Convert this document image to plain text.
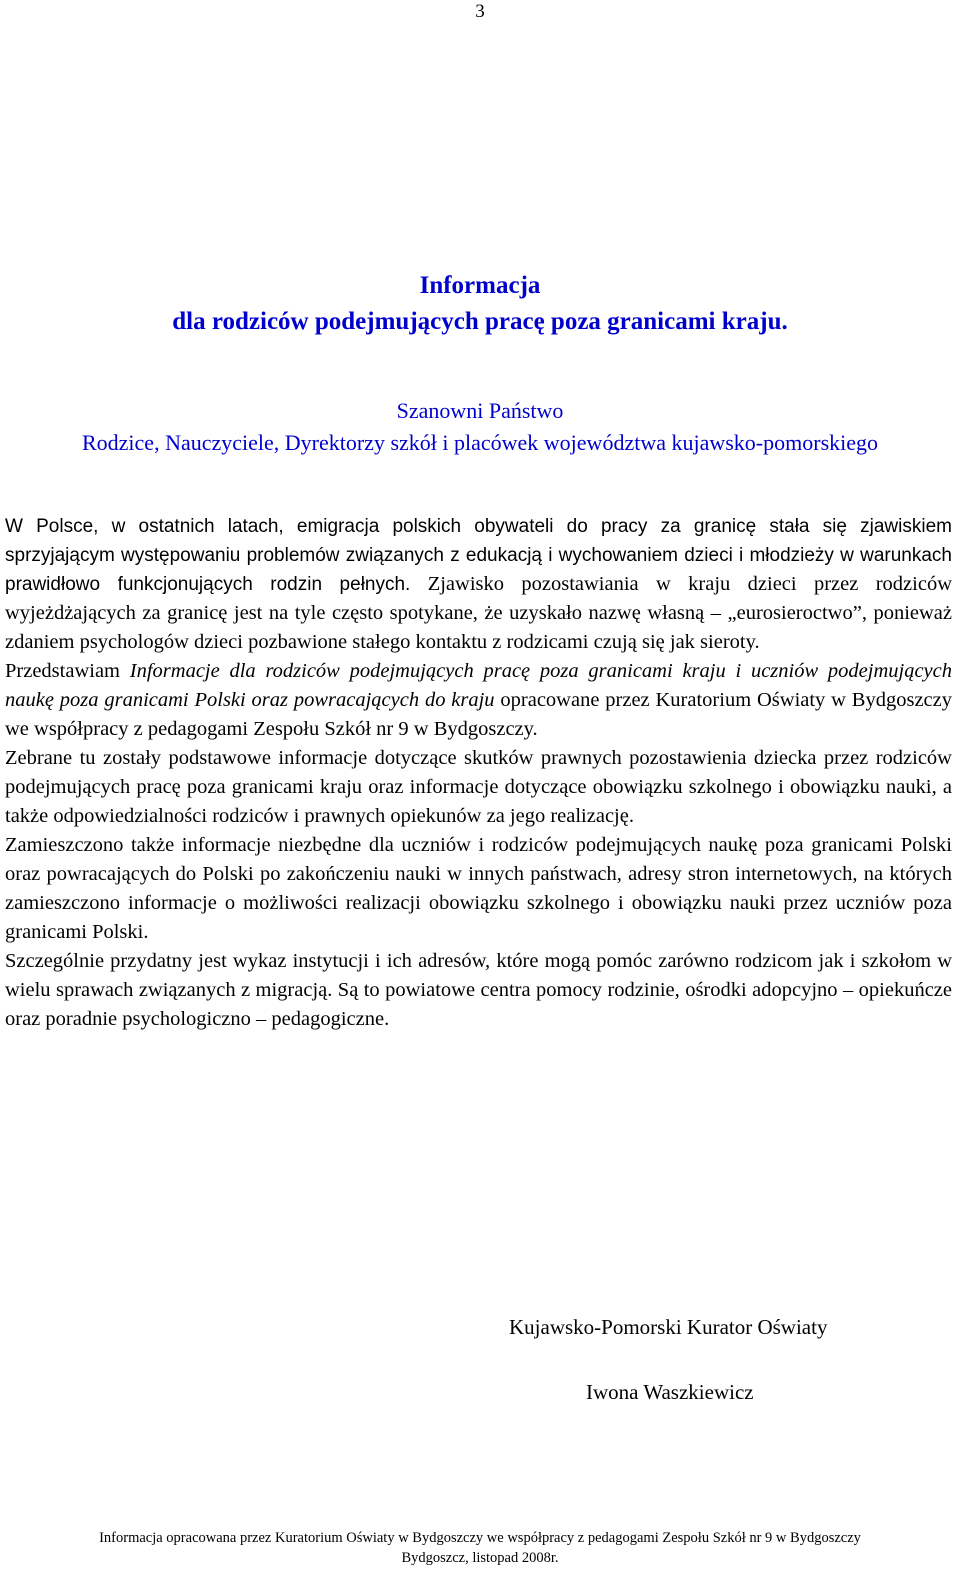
3
Informacja
dla rodziców podejmujących pracę poza granicami kraju.

Szanowni Państwo

Rodzice, Nauczyciele, Dyrektorzy szkół i placówek województwa kujawsko-pomorskiego

W Polsce, w ostatnich latach, emigracja polskich obywateli do pracy za granicę stała się zjawiskiem sprzyjającym występowaniu problemów związanych z edukacją i wychowaniem dzieci i młodzieży w warunkach prawidłowo funkcjonujących rodzin pełnych. Zjawisko pozostawiania w kraju dzieci przez rodziców wyjeżdżających za granicę jest na tyle często spotykane, że uzyskało nazwę własną – „eurosieroctwo”, ponieważ zdaniem psychologów dzieci pozbawione stałego kontaktu z rodzicami czują się jak sieroty.

Przedstawiam Informacje dla rodziców podejmujących pracę poza granicami kraju i uczniów podejmujących naukę poza granicami Polski oraz powracających do kraju opracowane przez Kuratorium Oświaty w Bydgoszczy we współpracy z pedagogami Zespołu Szkół nr 9 w Bydgoszczy.

Zebrane tu zostały podstawowe informacje dotyczące skutków prawnych pozostawienia dziecka przez rodziców podejmujących pracę poza granicami kraju oraz informacje dotyczące obowiązku szkolnego i obowiązku nauki, a także odpowiedzialności rodziców i prawnych opiekunów za jego realizację.

Zamieszczono także informacje niezbędne dla uczniów i rodziców podejmujących naukę poza granicami Polski oraz powracających do Polski po zakończeniu nauki w innych państwach, adresy stron internetowych, na których zamieszczono informacje o możliwości realizacji obowiązku szkolnego i obowiązku nauki przez uczniów poza granicami Polski.

Szczególnie przydatny jest wykaz instytucji i ich adresów, które mogą pomóc zarówno rodzicom jak i szkołom w wielu sprawach związanych z migracją. Są to powiatowe centra pomocy rodzinie, ośrodki adopcyjno – opiekuńcze oraz poradnie psychologiczno – pedagogiczne.

Kujawsko-Pomorski Kurator Oświaty
Iwona Waszkiewicz
Informacja opracowana przez Kuratorium Oświaty w Bydgoszczy we współpracy z pedagogami Zespołu Szkół nr 9 w Bydgoszczy
Bydgoszcz, listopad 2008r.
